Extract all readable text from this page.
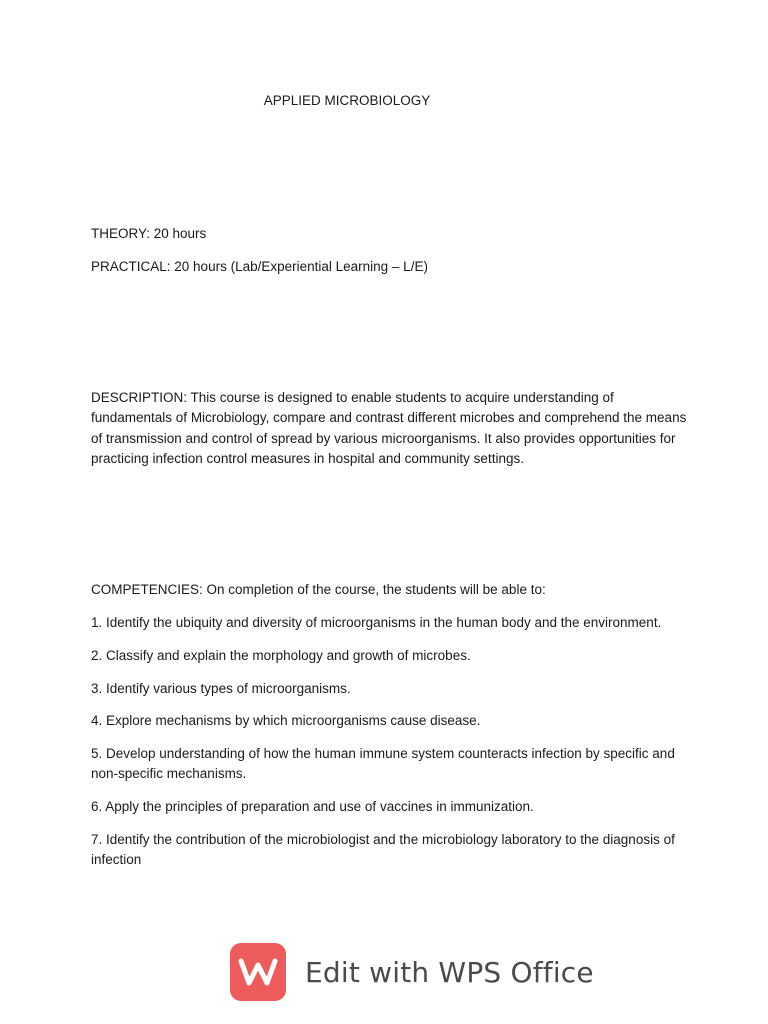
APPLIED MICROBIOLOGY

THEORY: 20 hours

PRACTICAL: 20 hours (Lab/Experiential Learning – L/E)

DESCRIPTION: This course is designed to enable students to acquire understanding of fundamentals of Microbiology, compare and contrast different microbes and comprehend the means of transmission and control of spread by various microorganisms. It also provides opportunities for practicing infection control measures in hospital and community settings.

COMPETENCIES: On completion of the course, the students will be able to:

1. Identify the ubiquity and diversity of microorganisms in the human body and the environment.
2. Classify and explain the morphology and growth of microbes.
3. Identify various types of microorganisms.
4. Explore mechanisms by which microorganisms cause disease.
5. Develop understanding of how the human immune system counteracts infection by specific and non-specific mechanisms.
6. Apply the principles of preparation and use of vaccines in immunization.
7. Identify the contribution of the microbiologist and the microbiology laboratory to the diagnosis of infection
Edit with WPS Office
